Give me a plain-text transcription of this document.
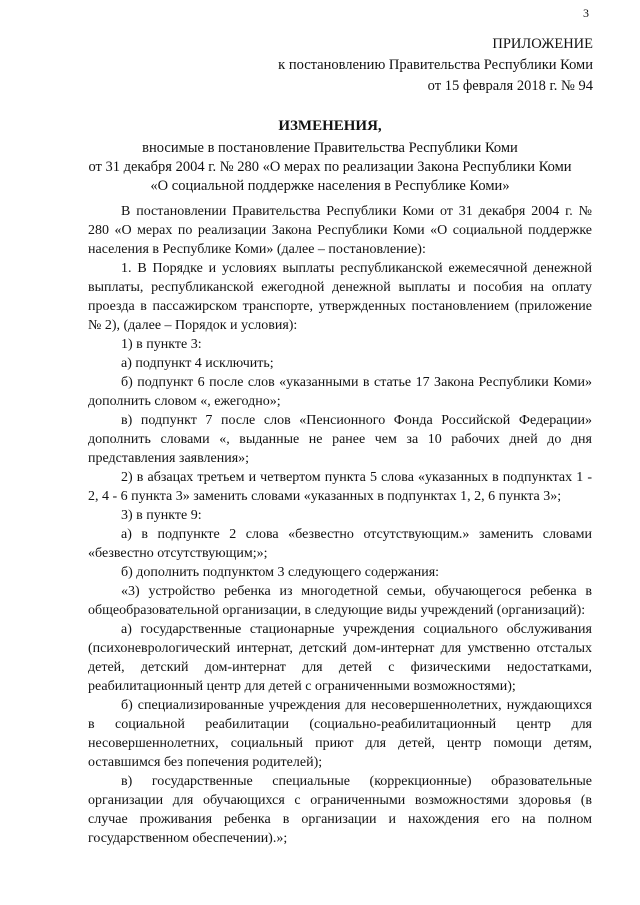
3
ПРИЛОЖЕНИЕ
к постановлению Правительства Республики Коми
от 15 февраля 2018 г. № 94
ИЗМЕНЕНИЯ,
вносимые в постановление Правительства Республики Коми
от 31 декабря 2004 г. № 280 «О мерах по реализации Закона Республики Коми
«О социальной поддержке населения в Республике Коми»

В постановлении Правительства Республики Коми от 31 декабря 2004 г. № 280 «О мерах по реализации Закона Республики Коми «О социальной поддержке населения в Республике Коми» (далее – постановление):

1. В Порядке и условиях выплаты республиканской ежемесячной денежной выплаты, республиканской ежегодной денежной выплаты и пособия на оплату проезда в пассажирском транспорте, утвержденных постановлением (приложение № 2), (далее – Порядок и условия):

1) в пункте 3:

а) подпункт 4 исключить;

б) подпункт 6 после слов «указанными в статье 17 Закона Республики Коми» дополнить словом «, ежегодно»;

в) подпункт 7 после слов «Пенсионного Фонда Российской Федерации» дополнить словами «, выданные не ранее чем за 10 рабочих дней до дня представления заявления»;

2) в абзацах третьем и четвертом пункта 5 слова «указанных в подпунктах 1 - 2, 4 - 6 пункта 3» заменить словами «указанных в подпунктах 1, 2, 6 пункта 3»;

3) в пункте 9:

а) в подпункте 2 слова «безвестно отсутствующим.» заменить словами «безвестно отсутствующим;»;

б) дополнить подпунктом 3 следующего содержания:

«3) устройство ребенка из многодетной семьи, обучающегося ребенка в общеобразовательной организации, в следующие виды учреждений (организаций):

а) государственные стационарные учреждения социального обслуживания (психоневрологический интернат, детский дом-интернат для умственно отсталых детей, детский дом-интернат для детей с физическими недостатками, реабилитационный центр для детей с ограниченными возможностями);

б) специализированные учреждения для несовершеннолетних, нуждающихся в социальной реабилитации (социально-реабилитационный центр для несовершеннолетних, социальный приют для детей, центр помощи детям, оставшимся без попечения родителей);

в) государственные специальные (коррекционные) образовательные организации для обучающихся с ограниченными возможностями здоровья (в случае проживания ребенка в организации и нахождения его на полном государственном обеспечении).»;
